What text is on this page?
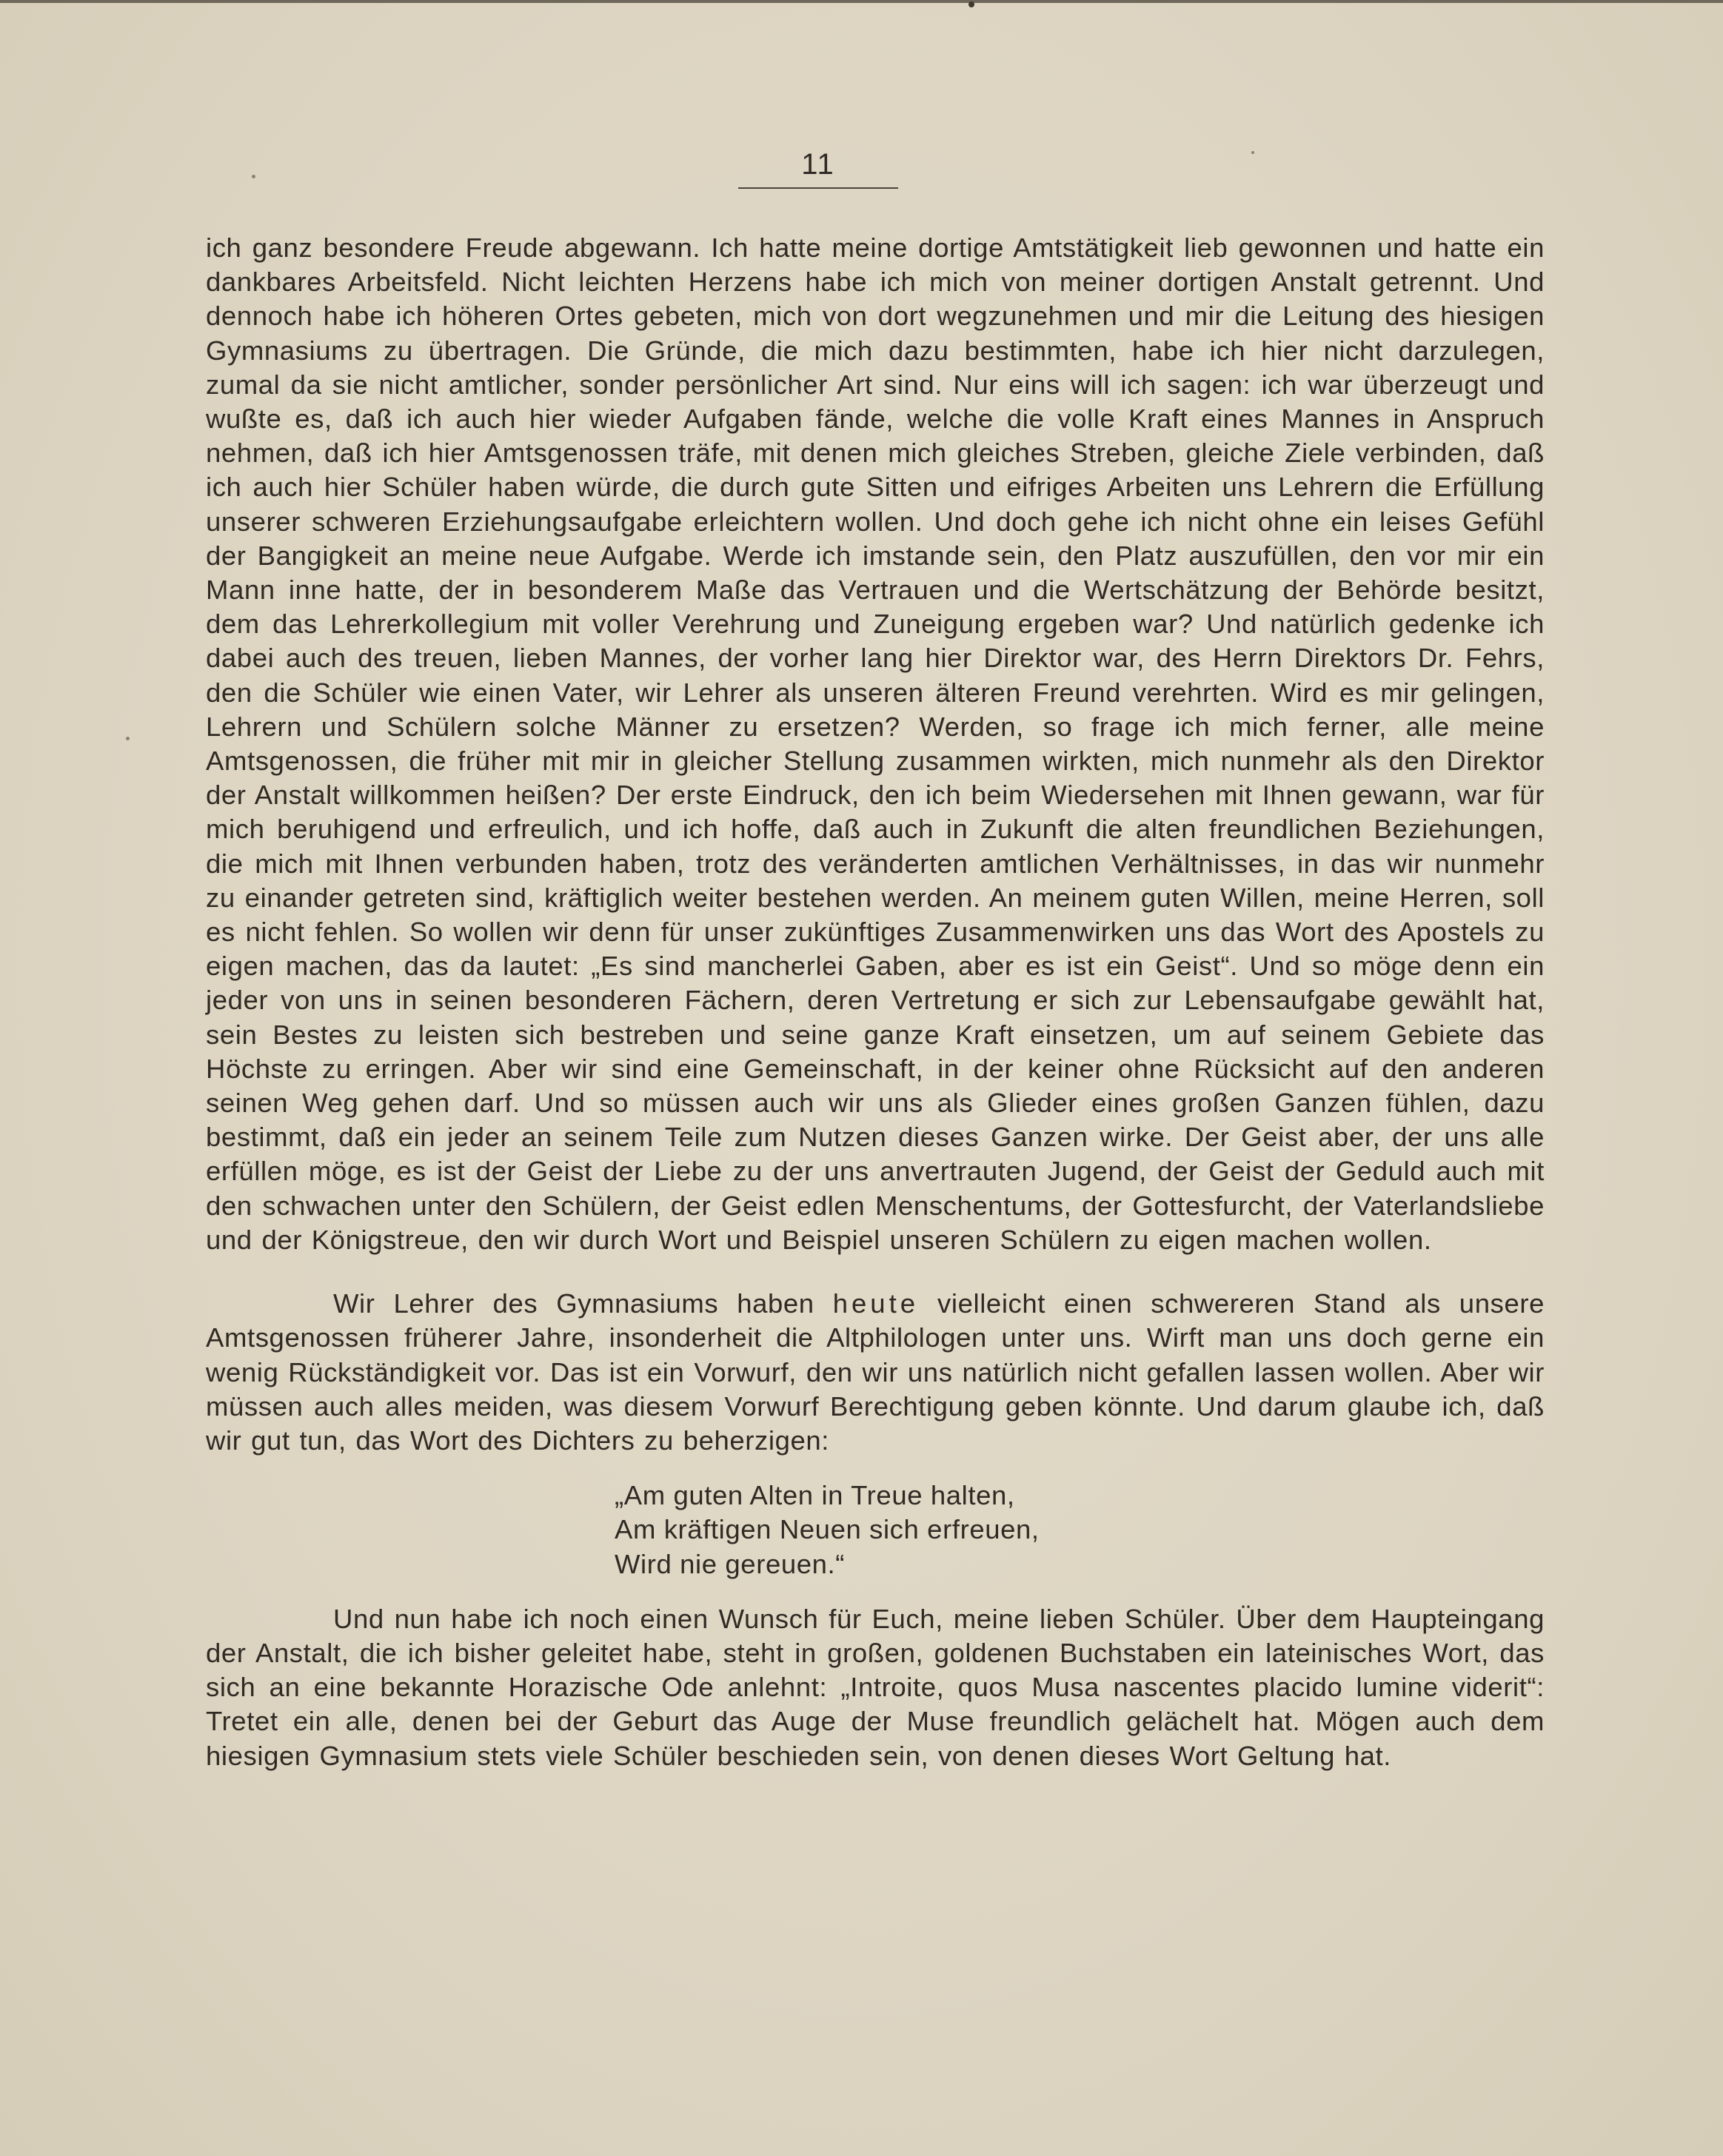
11

ich ganz besondere Freude abgewann. Ich hatte meine dortige Amtstätigkeit lieb gewonnen und hatte ein dankbares Arbeitsfeld. Nicht leichten Herzens habe ich mich von meiner dortigen Anstalt getrennt. Und dennoch habe ich höheren Ortes gebeten, mich von dort wegzunehmen und mir die Leitung des hiesigen Gymnasiums zu übertragen. Die Gründe, die mich dazu bestimmten, habe ich hier nicht darzulegen, zumal da sie nicht amtlicher, sonder persönlicher Art sind. Nur eins will ich sagen: ich war überzeugt und wußte es, daß ich auch hier wieder Aufgaben fände, welche die volle Kraft eines Mannes in Anspruch nehmen, daß ich hier Amtsgenossen träfe, mit denen mich gleiches Streben, gleiche Ziele verbinden, daß ich auch hier Schüler haben würde, die durch gute Sitten und eifriges Arbeiten uns Lehrern die Erfüllung unserer schweren Erziehungsaufgabe erleichtern wollen. Und doch gehe ich nicht ohne ein leises Gefühl der Bangigkeit an meine neue Aufgabe. Werde ich imstande sein, den Platz auszufüllen, den vor mir ein Mann inne hatte, der in besonderem Maße das Vertrauen und die Wertschätzung der Behörde besitzt, dem das Lehrerkollegium mit voller Verehrung und Zuneigung ergeben war? Und natürlich gedenke ich dabei auch des treuen, lieben Mannes, der vorher lang hier Direktor war, des Herrn Direktors Dr. Fehrs, den die Schüler wie einen Vater, wir Lehrer als unseren älteren Freund verehrten. Wird es mir gelingen, Lehrern und Schülern solche Männer zu ersetzen? Werden, so frage ich mich ferner, alle meine Amtsgenossen, die früher mit mir in gleicher Stellung zusammen wirkten, mich nunmehr als den Direktor der Anstalt willkommen heißen? Der erste Eindruck, den ich beim Wiedersehen mit Ihnen gewann, war für mich beruhigend und erfreulich, und ich hoffe, daß auch in Zukunft die alten freundlichen Beziehungen, die mich mit Ihnen verbunden haben, trotz des veränderten amtlichen Verhältnisses, in das wir nunmehr zu einander getreten sind, kräftiglich weiter bestehen werden. An meinem guten Willen, meine Herren, soll es nicht fehlen. So wollen wir denn für unser zukünftiges Zusammenwirken uns das Wort des Apostels zu eigen machen, das da lautet: „Es sind mancherlei Gaben, aber es ist ein Geist“. Und so möge denn ein jeder von uns in seinen besonderen Fächern, deren Vertretung er sich zur Lebensaufgabe gewählt hat, sein Bestes zu leisten sich bestreben und seine ganze Kraft einsetzen, um auf seinem Gebiete das Höchste zu erringen. Aber wir sind eine Gemeinschaft, in der keiner ohne Rücksicht auf den anderen seinen Weg gehen darf. Und so müssen auch wir uns als Glieder eines großen Ganzen fühlen, dazu bestimmt, daß ein jeder an seinem Teile zum Nutzen dieses Ganzen wirke. Der Geist aber, der uns alle erfüllen möge, es ist der Geist der Liebe zu der uns anvertrauten Jugend, der Geist der Geduld auch mit den schwachen unter den Schülern, der Geist edlen Menschentums, der Gottesfurcht, der Vaterlandsliebe und der Königstreue, den wir durch Wort und Beispiel unseren Schülern zu eigen machen wollen.

Wir Lehrer des Gymnasiums haben heute vielleicht einen schwereren Stand als unsere Amtsgenossen früherer Jahre, insonderheit die Altphilologen unter uns. Wirft man uns doch gerne ein wenig Rückständigkeit vor. Das ist ein Vorwurf, den wir uns natürlich nicht gefallen lassen wollen. Aber wir müssen auch alles meiden, was diesem Vorwurf Berechtigung geben könnte. Und darum glaube ich, daß wir gut tun, das Wort des Dichters zu beherzigen:

„Am guten Alten in Treue halten,
Am kräftigen Neuen sich erfreuen,
Wird nie gereuen.“

Und nun habe ich noch einen Wunsch für Euch, meine lieben Schüler. Über dem Haupteingang der Anstalt, die ich bisher geleitet habe, steht in großen, goldenen Buchstaben ein lateinisches Wort, das sich an eine bekannte Horazische Ode anlehnt: „Introite, quos Musa nascentes placido lumine viderit“: Tretet ein alle, denen bei der Geburt das Auge der Muse freundlich gelächelt hat. Mögen auch dem hiesigen Gymnasium stets viele Schüler beschieden sein, von denen dieses Wort Geltung hat.
